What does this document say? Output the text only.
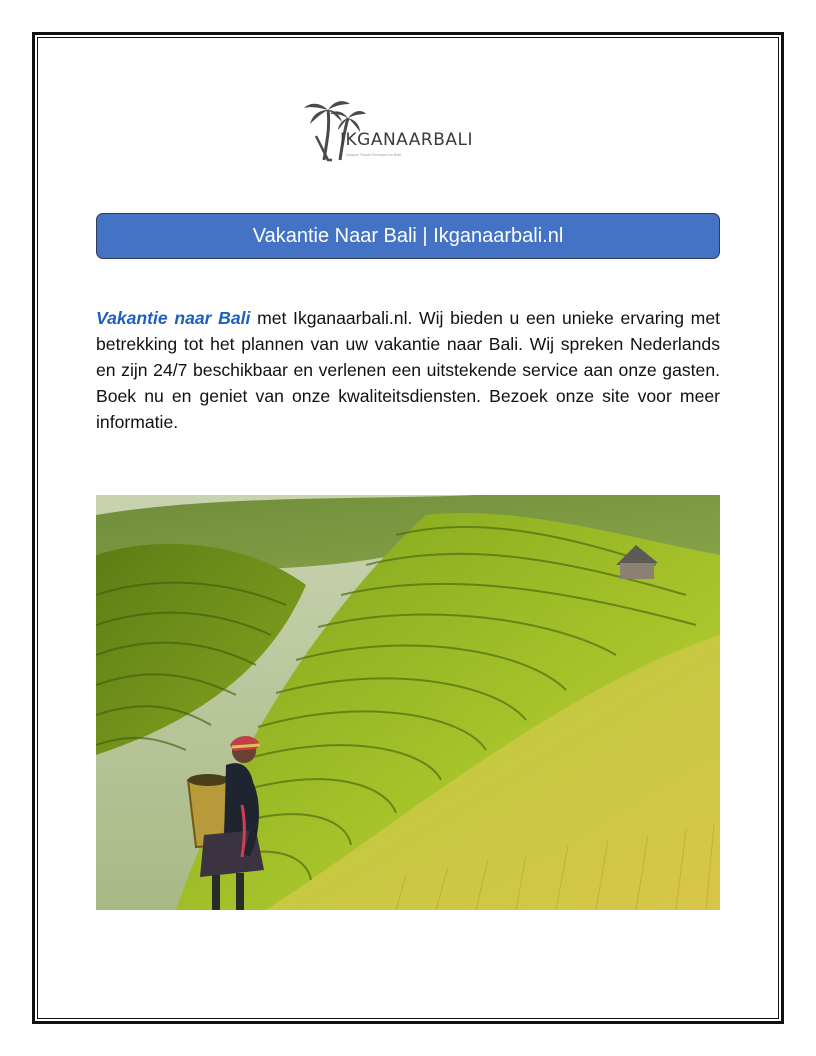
IKGANAARBALI
Unique Travel Services for Bali
Vakantie Naar Bali | Ikganaarbali.nl

Vakantie naar Bali met Ikganaarbali.nl. Wij bieden u een unieke ervaring met betrekking tot het plannen van uw vakantie naar Bali. Wij spreken Nederlands en zijn 24/7 beschikbaar en verlenen een uitstekende service aan onze gasten. Boek nu en geniet van onze kwaliteitsdiensten. Bezoek onze site voor meer informatie.
